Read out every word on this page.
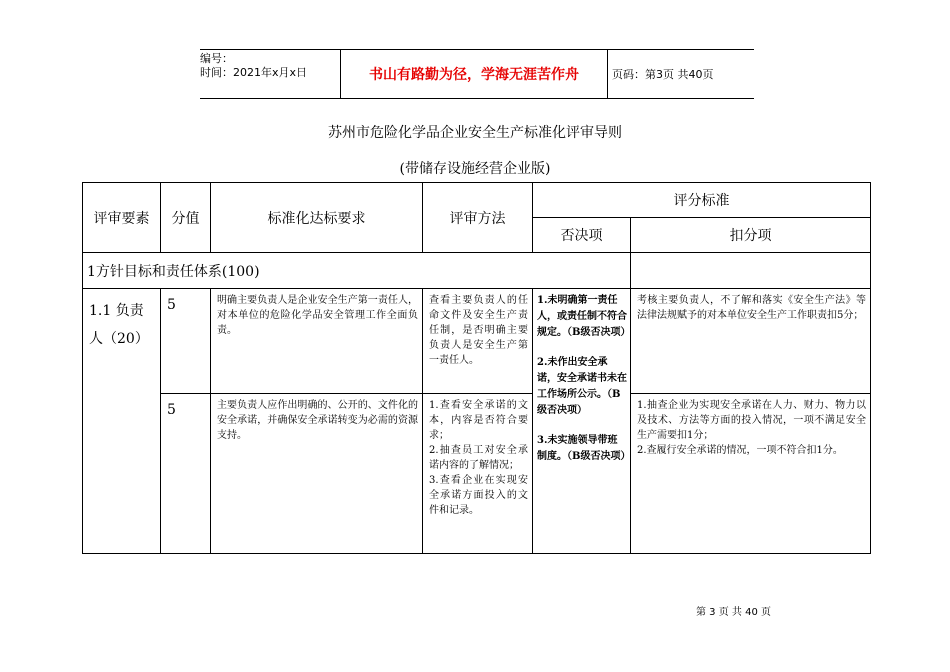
编号：
时间：2021年x月x日	书山有路勤为径，学海无涯苦作舟	页码：第3页 共40页
苏州市危险化学品企业安全生产标准化评审导则
(带储存设施经营企业版)
评审要素	分值	标准化达标要求	评审方法	评分标准	
				否决项	扣分项
1方针目标和责任体系(100)					
1.1 负责人（20）	5	明确主要负责人是企业安全生产第一责任人，对本单位的危险化学品安全管理工作全面负责。	查看主要负责人的任命文件及安全生产责任制，是否明确主要负责人是安全生产第一责任人。	1.未明确第一责任人，或责任制不符合规定。（B级否决项）
2.未作出安全承诺，安全承诺书未在工作场所公示。（B级否决项）
3.未实施领导带班制度。（B级否决项）	考核主要负责人，不了解和落实《安全生产法》等法律法规赋予的对本单位安全生产工作职责扣5分；
	5	主要负责人应作出明确的、公开的、文件化的安全承诺，并确保安全承诺转变为必需的资源支持。	1.查看安全承诺的文本，内容是否符合要求；
2.抽查员工对安全承诺内容的了解情况；
3.查看企业在实现安全承诺方面投入的文件和记录。		1.抽查企业为实现安全承诺在人力、财力、物力以及技术、方法等方面的投入情况，一项不满足安全生产需要扣1分；
2.查履行安全承诺的情况，一项不符合扣1分。
第 3 页 共 40 页
